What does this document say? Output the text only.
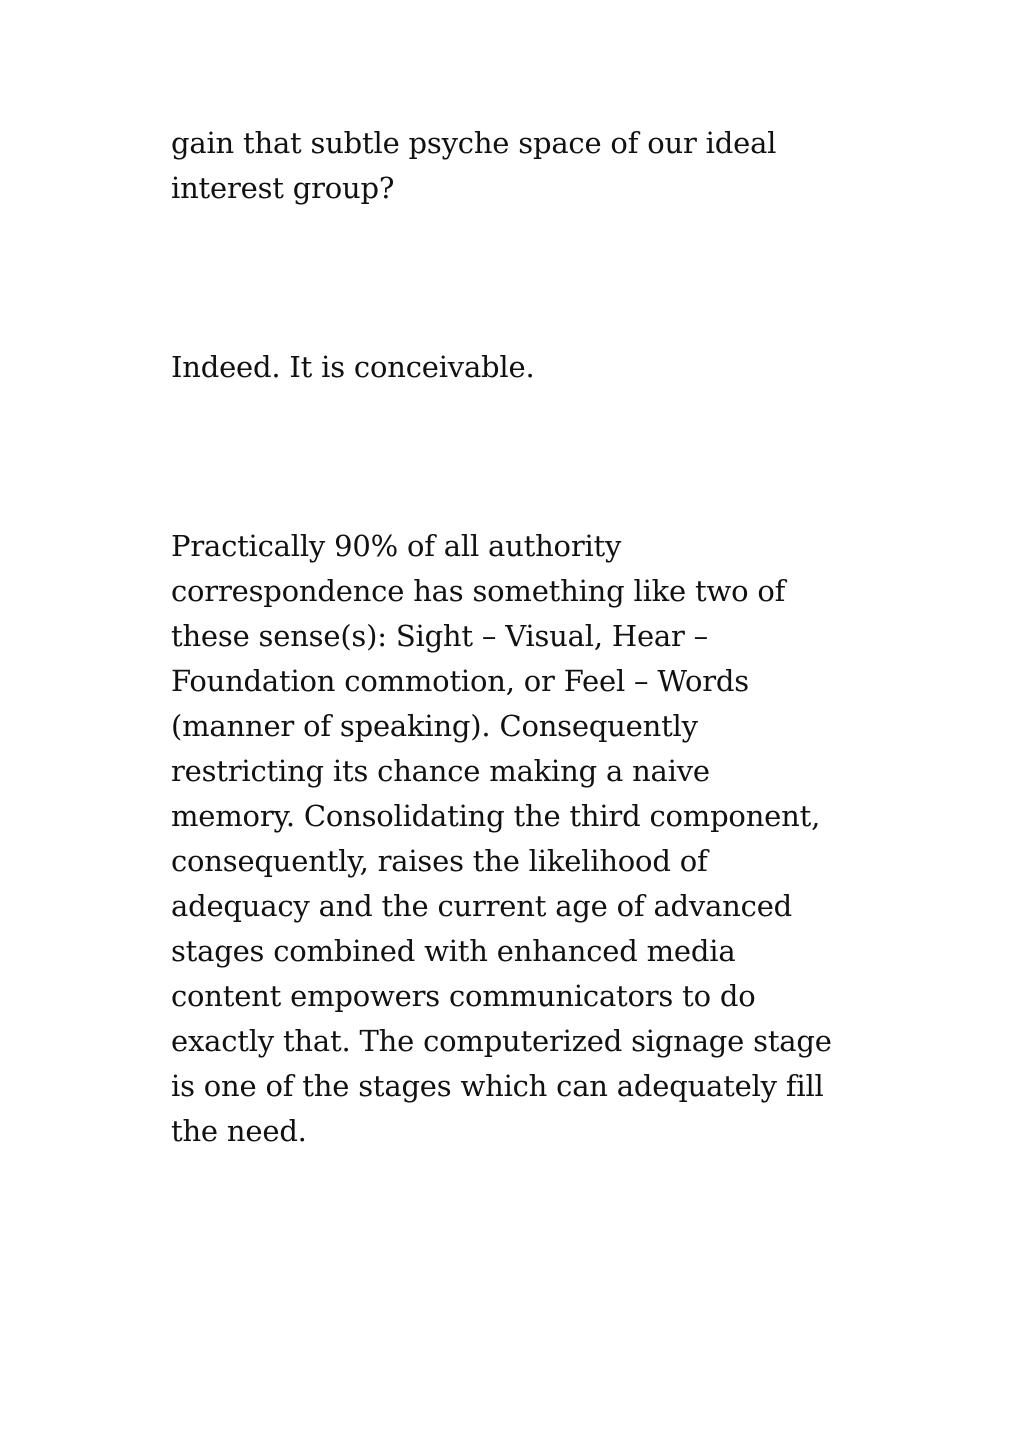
gain that subtle psyche space of our ideal
interest group?

Indeed. It is conceivable.

Practically 90% of all authority
correspondence has something like two of
these sense(s): Sight – Visual, Hear –
Foundation commotion, or Feel – Words
(manner of speaking). Consequently
restricting its chance making a naive
memory. Consolidating the third component,
consequently, raises the likelihood of
adequacy and the current age of advanced
stages combined with enhanced media
content empowers communicators to do
exactly that. The computerized signage stage
is one of the stages which can adequately fill
the need.
